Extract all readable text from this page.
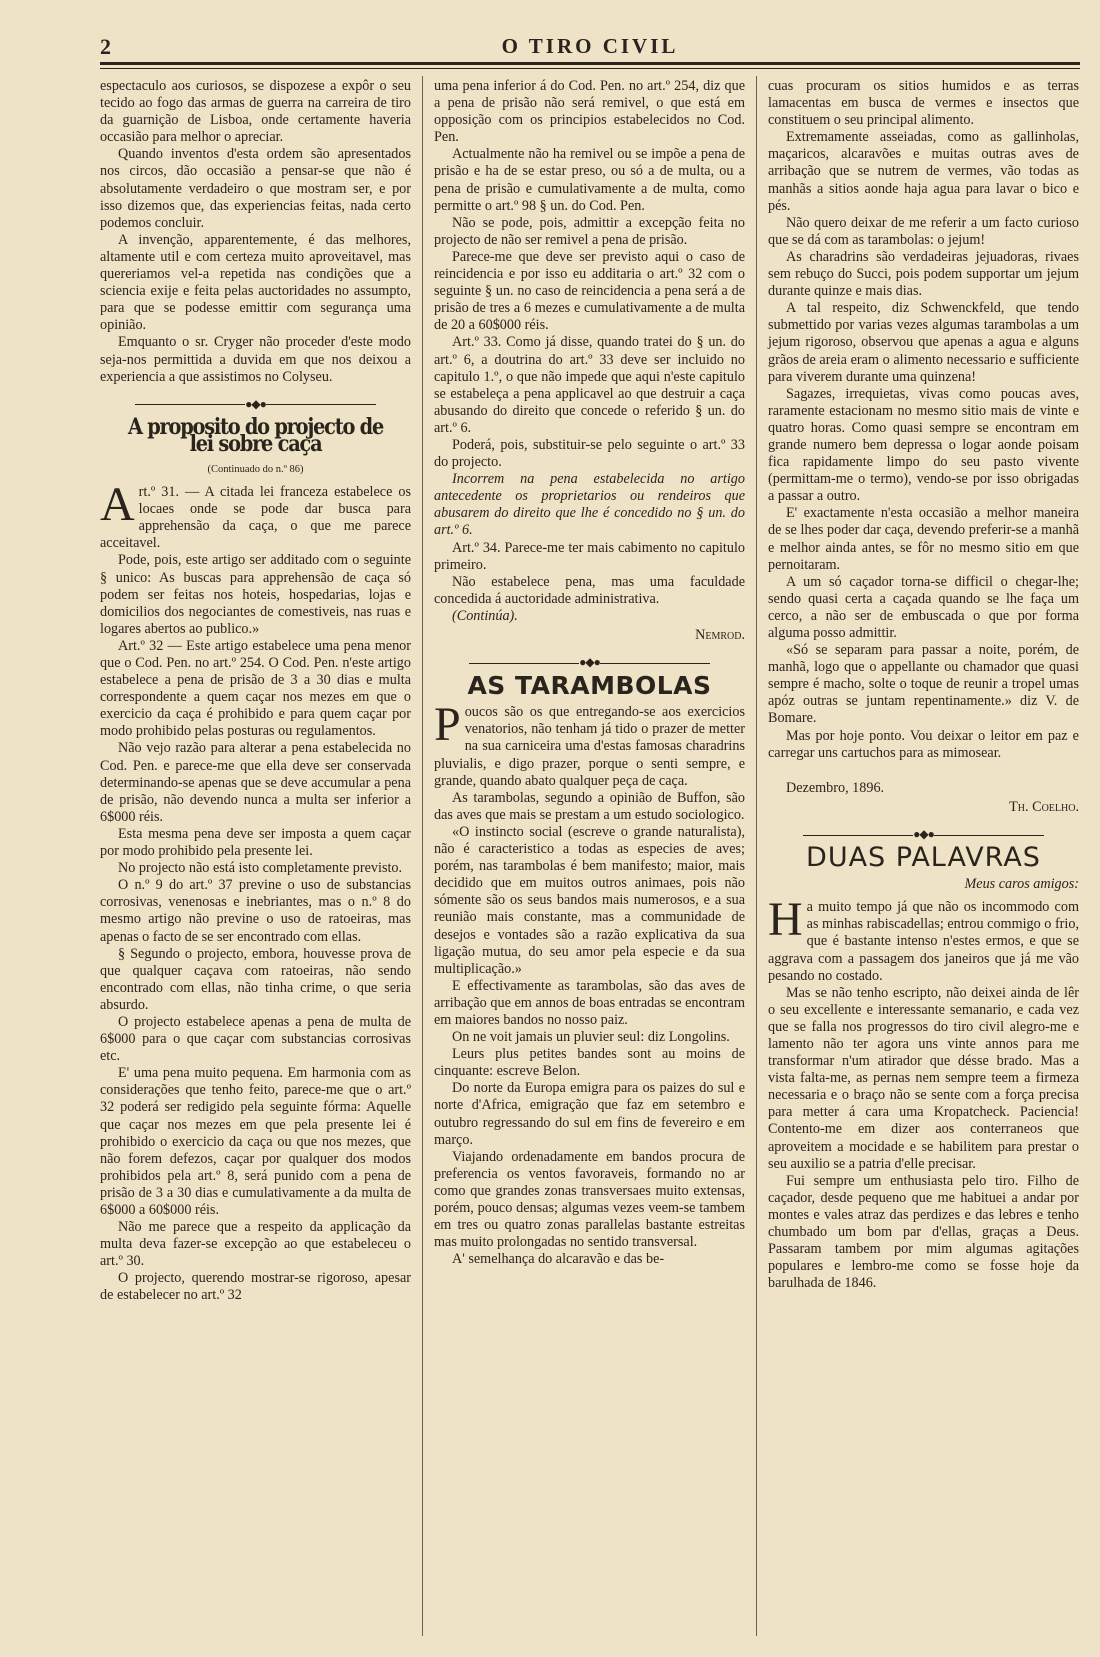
2	O TIRO CIVIL

espectaculo aos curiosos, se dispozese a expôr o seu tecido ao fogo das armas de guerra na carreira de tiro da guarnição de Lisboa, onde certamente haveria occasião para melhor o apreciar.

Quando inventos d'esta ordem são apresentados nos circos, dão occasião a pensar-se que não é absolutamente verdadeiro o que mostram ser, e por isso dizemos que, das experiencias feitas, nada certo podemos concluir.

A invenção, apparentemente, é das melhores, altamente util e com certeza muito aproveitavel, mas quereriamos vel-a repetida nas condições que a sciencia exije e feita pelas auctoridades no assumpto, para que se podesse emittir com segurança uma opinião.

Emquanto o sr. Cryger não proceder d'este modo seja-nos permittida a duvida em que nos deixou a experiencia a que assistimos no Colyseu.

●◆●
A proposito do projecto de lei sobre caça
(Continuado do n.º 86)

Art.º 31. — A citada lei franceza estabelece os locaes onde se pode dar busca para apprehensão da caça, o que me parece acceitavel.

Pode, pois, este artigo ser additado com o seguinte § unico: As buscas para apprehensão de caça só podem ser feitas nos hoteis, hospedarias, lojas e domicilios dos negociantes de comestiveis, nas ruas e logares abertos ao publico.»

Art.º 32 — Este artigo estabelece uma pena menor que o Cod. Pen. no art.º 254. O Cod. Pen. n'este artigo estabelece a pena de prisão de 3 a 30 dias e multa correspondente a quem caçar nos mezes em que o exercicio da caça é prohibido e para quem caçar por modo prohibido pelas posturas ou regulamentos.

Não vejo razão para alterar a pena estabelecida no Cod. Pen. e parece-me que ella deve ser conservada determinando-se apenas que se deve accumular a pena de prisão, não devendo nunca a multa ser inferior a 6$000 réis.

Esta mesma pena deve ser imposta a quem caçar por modo prohibido pela presente lei.

No projecto não está isto completamente previsto.

O n.º 9 do art.º 37 previne o uso de substancias corrosivas, venenosas e inebriantes, mas o n.º 8 do mesmo artigo não previne o uso de ratoeiras, mas apenas o facto de se ser encontrado com ellas.

§ Segundo o projecto, embora, houvesse prova de que qualquer caçava com ratoeiras, não sendo encontrado com ellas, não tinha crime, o que seria absurdo.

O projecto estabelece apenas a pena de multa de 6$000 para o que caçar com substancias corrosivas etc.

E' uma pena muito pequena. Em harmonia com as considerações que tenho feito, parece-me que o art.º 32 poderá ser redigido pela seguinte fórma: Aquelle que caçar nos mezes em que pela presente lei é prohibido o exercicio da caça ou que nos mezes, que não forem defezos, caçar por qualquer dos modos prohibidos pela art.º 8, será punido com a pena de prisão de 3 a 30 dias e cumulativamente a da multa de 6$000 a 60$000 réis.

Não me parece que a respeito da applicação da multa deva fazer-se excepção ao que estabeleceu o art.º 30.

O projecto, querendo mostrar-se rigoroso, apesar de estabelecer no art.º 32

uma pena inferior á do Cod. Pen. no art.º 254, diz que a pena de prisão não será remivel, o que está em opposição com os principios estabelecidos no Cod. Pen.

Actualmente não ha remivel ou se impõe a pena de prisão e ha de se estar preso, ou só a de multa, ou a pena de prisão e cumulativamente a de multa, como permitte o art.º 98 § un. do Cod. Pen.

Não se pode, pois, admittir a excepção feita no projecto de não ser remivel a pena de prisão.

Parece-me que deve ser previsto aqui o caso de reincidencia e por isso eu additaria o art.º 32 com o seguinte § un. no caso de reincidencia a pena será a de prisão de tres a 6 mezes e cumulativamente a de multa de 20 a 60$000 réis.

Art.º 33. Como já disse, quando tratei do § un. do art.º 6, a doutrina do art.º 33 deve ser incluido no capitulo 1.º, o que não impede que aqui n'este capitulo se estabeleça a pena applicavel ao que destruir a caça abusando do direito que concede o referido § un. do art.º 6.

Poderá, pois, substituir-se pelo seguinte o art.º 33 do projecto.

Incorrem na pena estabelecida no artigo antecedente os proprietarios ou rendeiros que abusarem do direito que lhe é concedido no § un. do art.º 6.

Art.º 34. Parece-me ter mais cabimento no capitulo primeiro.

Não estabelece pena, mas uma faculdade concedida á auctoridade administrativa.

(Continúa).

Nemrod.

●◆●
AS TARAMBOLAS

Poucos são os que entregando-se aos exercicios venatorios, não tenham já tido o prazer de metter na sua carniceira uma d'estas famosas charadrins pluvialis, e digo prazer, porque o senti sempre, e grande, quando abato qualquer peça de caça.

As tarambolas, segundo a opinião de Buffon, são das aves que mais se prestam a um estudo sociologico.

«O instincto social (escreve o grande naturalista), não é caracteristico a todas as especies de aves; porém, nas tarambolas é bem manifesto; maior, mais decidido que em muitos outros animaes, pois não sómente são os seus bandos mais numerosos, e a sua reunião mais constante, mas a communidade de desejos e vontades são a razão explicativa da sua ligação mutua, do seu amor pela especie e da sua multiplicação.»

E effectivamente as tarambolas, são das aves de arribação que em annos de boas entradas se encontram em maiores bandos no nosso paiz.

On ne voit jamais un pluvier seul: diz Longolins.

Leurs plus petites bandes sont au moins de cinquante: escreve Belon.

Do norte da Europa emigra para os paizes do sul e norte d'Africa, emigração que faz em setembro e outubro regressando do sul em fins de fevereiro e em março.

Viajando ordenadamente em bandos procura de preferencia os ventos favoraveis, formando no ar como que grandes zonas transversaes muito extensas, porém, pouco densas; algumas vezes veem-se tambem em tres ou quatro zonas parallelas bastante estreitas mas muito prolongadas no sentido transversal.

A' semelhança do alcaravão e das be-

cuas procuram os sitios humidos e as terras lamacentas em busca de vermes e insectos que constituem o seu principal alimento.

Extremamente asseiadas, como as gallinholas, maçaricos, alcaravões e muitas outras aves de arribação que se nutrem de vermes, vão todas as manhãs a sitios aonde haja agua para lavar o bico e pés.

Não quero deixar de me referir a um facto curioso que se dá com as tarambolas: o jejum!

As charadrins são verdadeiras jejuadoras, rivaes sem rebuço do Succi, pois podem supportar um jejum durante quinze e mais dias.

A tal respeito, diz Schwenckfeld, que tendo submettido por varias vezes algumas tarambolas a um jejum rigoroso, observou que apenas a agua e alguns grãos de areia eram o alimento necessario e sufficiente para viverem durante uma quinzena!

Sagazes, irrequietas, vivas como poucas aves, raramente estacionam no mesmo sitio mais de vinte e quatro horas. Como quasi sempre se encontram em grande numero bem depressa o logar aonde poisam fica rapidamente limpo do seu pasto vivente (permittam-me o termo), vendo-se por isso obrigadas a passar a outro.

E' exactamente n'esta occasião a melhor maneira de se lhes poder dar caça, devendo preferir-se a manhã e melhor ainda antes, se fôr no mesmo sitio em que pernoitaram.

A um só caçador torna-se difficil o chegar-lhe; sendo quasi certa a caçada quando se lhe faça um cerco, a não ser de embuscada o que por forma alguma posso admittir.

«Só se separam para passar a noite, porém, de manhã, logo que o appellante ou chamador que quasi sempre é macho, solte o toque de reunir a tropel umas apóz outras se juntam repentinamente.» diz V. de Bomare.

Mas por hoje ponto. Vou deixar o leitor em paz e carregar uns cartuchos para as mimosear.

Dezembro, 1896.

Th. Coelho.

●◆●
DUAS PALAVRAS
Meus caros amigos:

Ha muito tempo já que não os incommodo com as minhas rabiscadellas; entrou commigo o frio, que é bastante intenso n'estes ermos, e que se aggrava com a passagem dos janeiros que já me vão pesando no costado.

Mas se não tenho escripto, não deixei ainda de lêr o seu excellente e interessante semanario, e cada vez que se falla nos progressos do tiro civil alegro-me e lamento não ter agora uns vinte annos para me transformar n'um atirador que désse brado. Mas a vista falta-me, as pernas nem sempre teem a firmeza necessaria e o braço não se sente com a força precisa para metter á cara uma Kropatcheck. Paciencia! Contento-me em dizer aos conterraneos que aproveitem a mocidade e se habilitem para prestar o seu auxilio se a patria d'elle precisar.

Fui sempre um enthusiasta pelo tiro. Filho de caçador, desde pequeno que me habituei a andar por montes e vales atraz das perdizes e das lebres e tenho chumbado um bom par d'ellas, graças a Deus. Passaram tambem por mim algumas agitações populares e lembro-me como se fosse hoje da barulhada de 1846.
